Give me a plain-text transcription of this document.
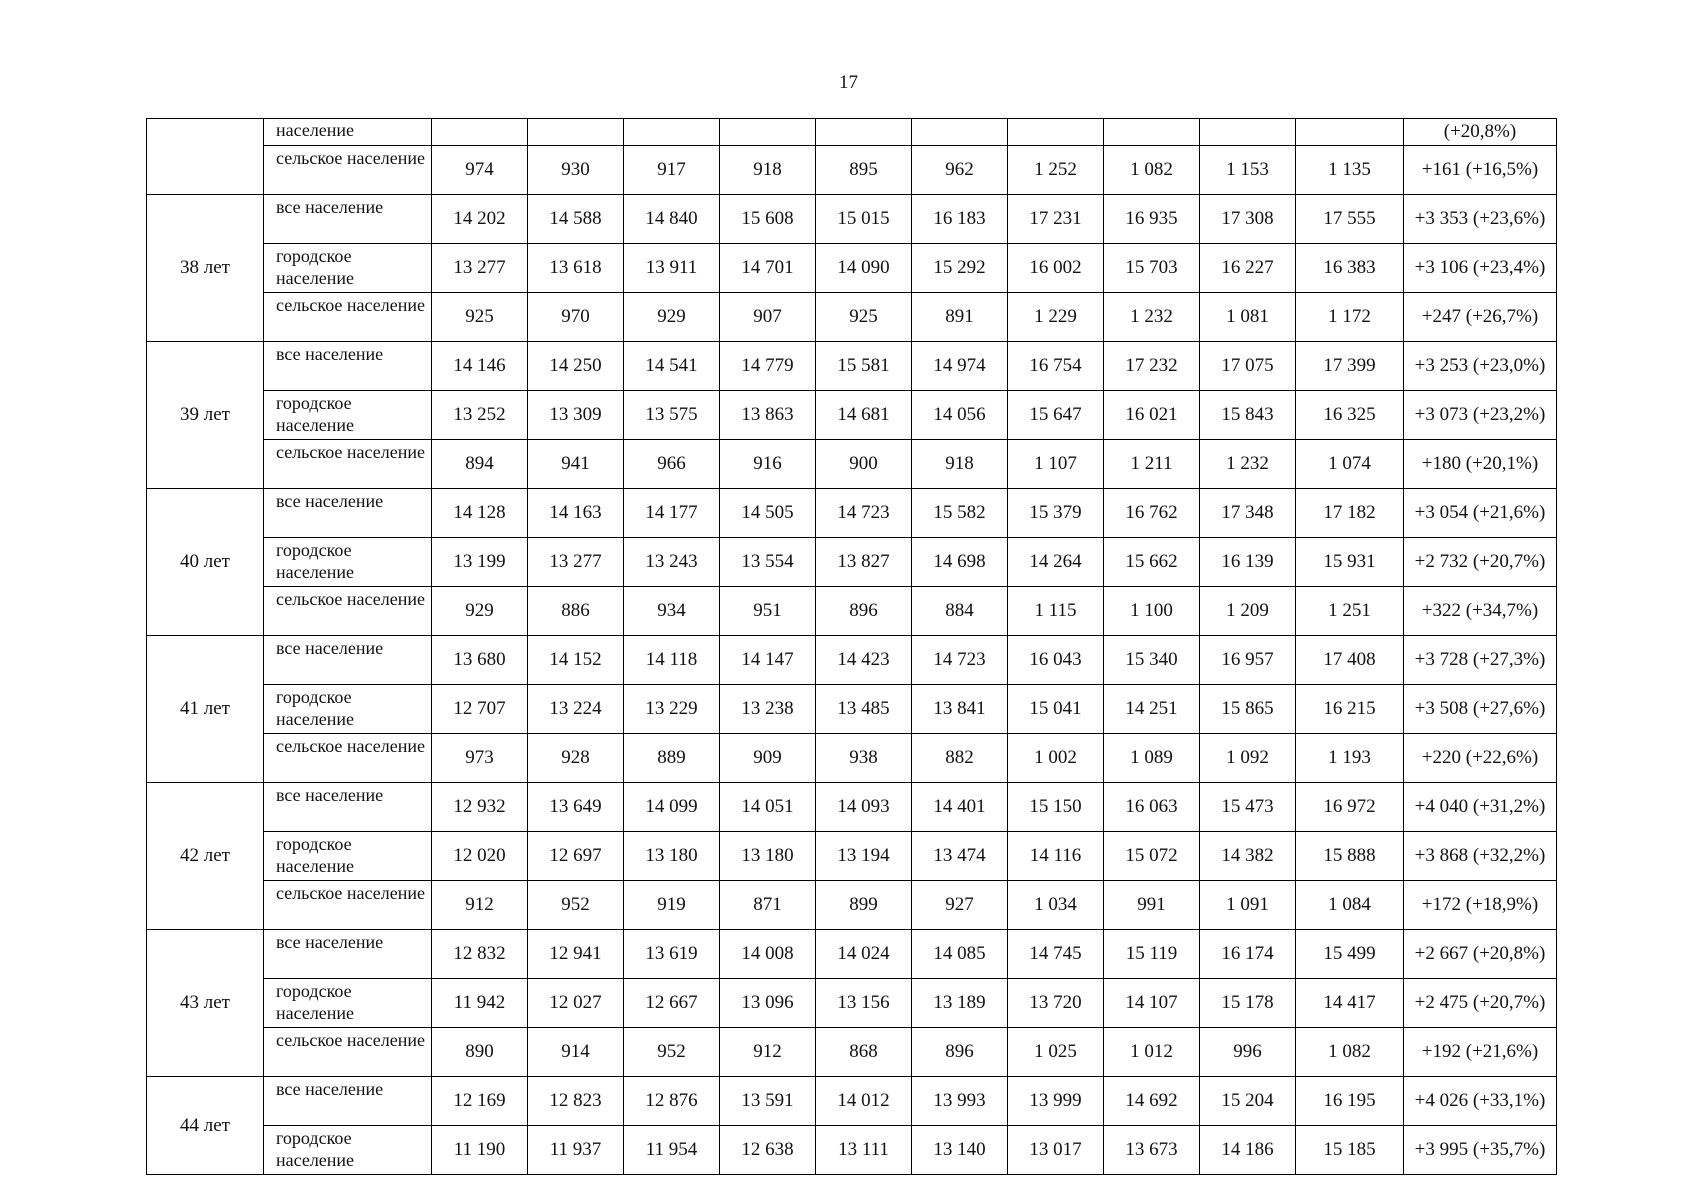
17
	население											(+20,8%)
	сельское население	974	930	917	918	895	962	1 252	1 082	1 153	1 135	+161 (+16,5%)
38 лет	все население	14 202	14 588	14 840	15 608	15 015	16 183	17 231	16 935	17 308	17 555	+3 353 (+23,6%)
	городское население	13 277	13 618	13 911	14 701	14 090	15 292	16 002	15 703	16 227	16 383	+3 106 (+23,4%)
	сельское население	925	970	929	907	925	891	1 229	1 232	1 081	1 172	+247 (+26,7%)
39 лет	все население	14 146	14 250	14 541	14 779	15 581	14 974	16 754	17 232	17 075	17 399	+3 253 (+23,0%)
	городское население	13 252	13 309	13 575	13 863	14 681	14 056	15 647	16 021	15 843	16 325	+3 073 (+23,2%)
	сельское население	894	941	966	916	900	918	1 107	1 211	1 232	1 074	+180 (+20,1%)
40 лет	все население	14 128	14 163	14 177	14 505	14 723	15 582	15 379	16 762	17 348	17 182	+3 054 (+21,6%)
	городское население	13 199	13 277	13 243	13 554	13 827	14 698	14 264	15 662	16 139	15 931	+2 732 (+20,7%)
	сельское население	929	886	934	951	896	884	1 115	1 100	1 209	1 251	+322 (+34,7%)
41 лет	все население	13 680	14 152	14 118	14 147	14 423	14 723	16 043	15 340	16 957	17 408	+3 728 (+27,3%)
	городское население	12 707	13 224	13 229	13 238	13 485	13 841	15 041	14 251	15 865	16 215	+3 508 (+27,6%)
	сельское население	973	928	889	909	938	882	1 002	1 089	1 092	1 193	+220 (+22,6%)
42 лет	все население	12 932	13 649	14 099	14 051	14 093	14 401	15 150	16 063	15 473	16 972	+4 040 (+31,2%)
	городское население	12 020	12 697	13 180	13 180	13 194	13 474	14 116	15 072	14 382	15 888	+3 868 (+32,2%)
	сельское население	912	952	919	871	899	927	1 034	991	1 091	1 084	+172 (+18,9%)
43 лет	все население	12 832	12 941	13 619	14 008	14 024	14 085	14 745	15 119	16 174	15 499	+2 667 (+20,8%)
	городское население	11 942	12 027	12 667	13 096	13 156	13 189	13 720	14 107	15 178	14 417	+2 475 (+20,7%)
	сельское население	890	914	952	912	868	896	1 025	1 012	996	1 082	+192 (+21,6%)
44 лет	все население	12 169	12 823	12 876	13 591	14 012	13 993	13 999	14 692	15 204	16 195	+4 026 (+33,1%)
	городское население	11 190	11 937	11 954	12 638	13 111	13 140	13 017	13 673	14 186	15 185	+3 995 (+35,7%)
